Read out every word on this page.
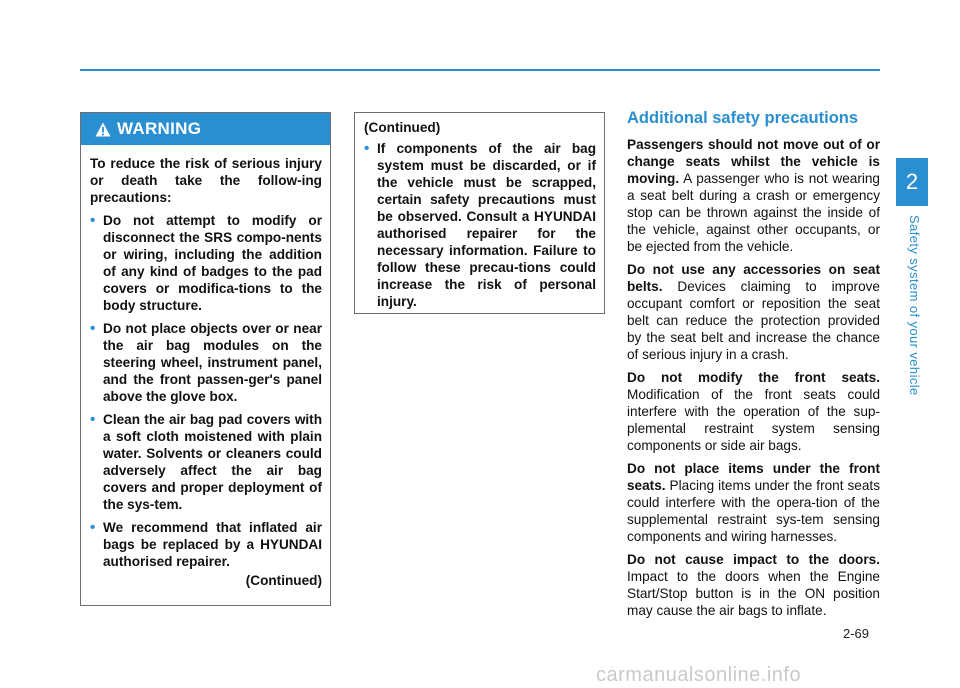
WARNING
To reduce the risk of serious injury or death take the follow-ing precautions:
• Do not attempt to modify or disconnect the SRS compo-nents or wiring, including the addition of any kind of badges to the pad covers or modifica-tions to the body structure.
• Do not place objects over or near the air bag modules on the steering wheel, instrument panel, and the front passen-ger's panel above the glove box.
• Clean the air bag pad covers with a soft cloth moistened with plain water. Solvents or cleaners could adversely affect the air bag covers and proper deployment of the sys-tem.
• We recommend that inflated air bags be replaced by a HYUNDAI authorised repairer.
(Continued)
(Continued)
• If components of the air bag system must be discarded, or if the vehicle must be scrapped, certain safety precautions must be observed. Consult a HYUNDAI authorised repairer for the necessary information. Failure to follow these precau-tions could increase the risk of personal injury.
Additional safety precautions

Passengers should not move out of or change seats whilst the vehicle is moving. A passenger who is not wearing a seat belt during a crash or emergency stop can be thrown against the inside of the vehicle, against other occupants, or be ejected from the vehicle.

Do not use any accessories on seat belts. Devices claiming to improve occupant comfort or reposition the seat belt can reduce the protection provided by the seat belt and increase the chance of serious injury in a crash.

Do not modify the front seats. Modification of the front seats could interfere with the operation of the sup-plemental restraint system sensing components or side air bags.

Do not place items under the front seats. Placing items under the front seats could interfere with the opera-tion of the supplemental restraint sys-tem sensing components and wiring harnesses.

Do not cause impact to the doors. Impact to the doors when the Engine Start/Stop button is in the ON position may cause the air bags to inflate.

2
Safety system of your vehicle
2-69
carmanualsonline.info
